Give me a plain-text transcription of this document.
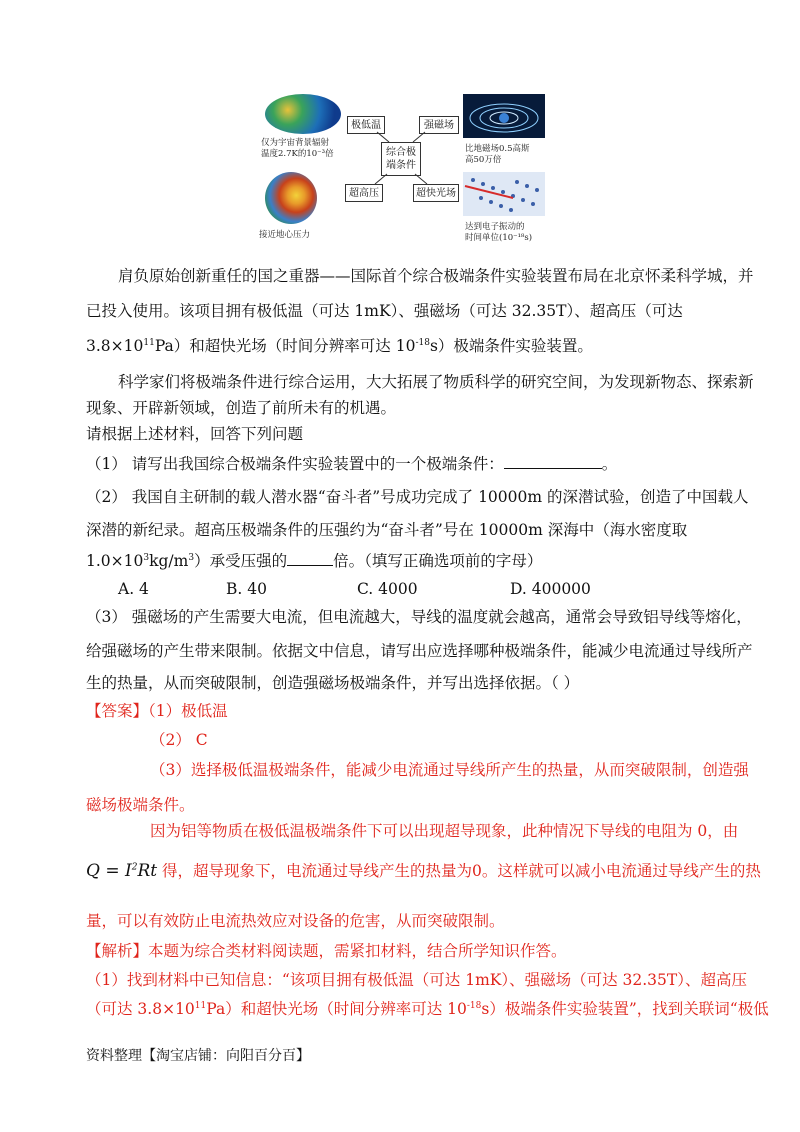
仅为宇宙背景辐射
温度2.7K的10⁻³倍
接近地心压力
极低温	强磁场
综合极
端条件
超高压	超快光场
比地磁场0.5高斯
高50万倍
达到电子振动的
时间单位(10⁻¹⁸s)
肩负原始创新重任的国之重器——国际首个综合极端条件实验装置布局在北京怀柔科学城，并
已投入使用。该项目拥有极低温（可达 1mK）、强磁场（可达 32.35T）、超高压（可达
$3.8\times 10^{11}Pa$）和超快光场（时间分辨率可达 $10^{-18}s$）极端条件实验装置。
科学家们将极端条件进行综合运用，大大拓展了物质科学的研究空间，为发现新物态、探索新
现象、开辟新领域，创造了前所未有的机遇。
请根据上述材料，回答下列问题
（1） 请写出我国综合极端条件实验装置中的一个极端条件：	。
（2） 我国自主研制的载人潜水器“奋斗者”号成功完成了 10000m 的深潜试验，创造了中国载人
深潜的新纪录。超高压极端条件的压强约为“奋斗者”号在 10000m 深海中（海水密度取
$1.0\times 10^3kg/m^3$）承受压强的	倍。（填写正确选项前的字母）
A. 4	B. 40	C. 4000	D. 400000
（3） 强磁场的产生需要大电流，但电流越大，导线的温度就会越高，通常会导致铝导线等熔化，
给强磁场的产生带来限制。依据文中信息，请写出应选择哪种极端条件，能减少电流通过导线所产
生的热量，从而突破限制，创造强磁场极端条件，并写出选择依据。（ ）
【答案】（1）极低温
（2） C
（3）选择极低温极端条件，能减少电流通过导线所产生的热量，从而突破限制，创造强
磁场极端条件。
因为铝等物质在极低温极端条件下可以出现超导现象，此种情况下导线的电阻为 0，由
$Q = I^2Rt$ 得，超导现象下，电流通过导线产生的热量为0。这样就可以减小电流通过导线产生的热
量，可以有效防止电流热效应对设备的危害，从而突破限制。
【解析】本题为综合类材料阅读题，需紧扣材料，结合所学知识作答。
（1）找到材料中已知信息：“该项目拥有极低温（可达 1mK）、强磁场（可达 32.35T）、超高压
（可达 $3.8\times 10^{11}Pa$）和超快光场（时间分辨率可达 $10^{-18}s$）极端条件实验装置”，找到关联词“极低
资料整理【淘宝店铺：向阳百分百】
